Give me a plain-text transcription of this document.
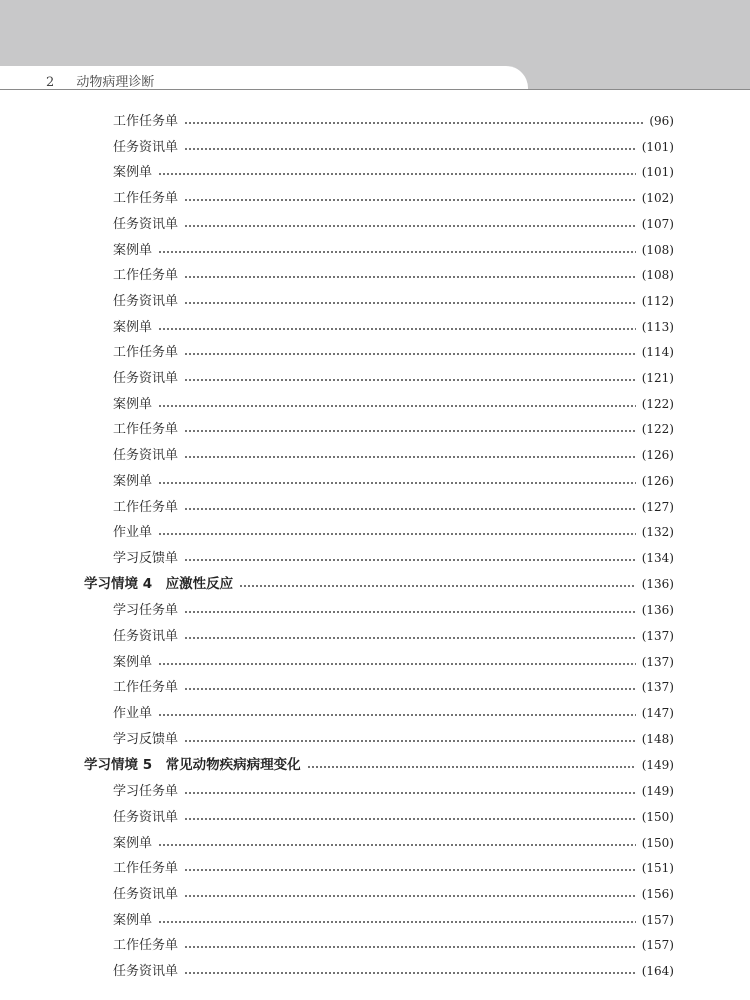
2 动物病理诊断
工作任务单	(96)
任务资讯单	(101)
案例单	(101)
工作任务单	(102)
任务资讯单	(107)
案例单	(108)
工作任务单	(108)
任务资讯单	(112)
案例单	(113)
工作任务单	(114)
任务资讯单	(121)
案例单	(122)
工作任务单	(122)
任务资讯单	(126)
案例单	(126)
工作任务单	(127)
作业单	(132)
学习反馈单	(134)
学习情境 4　应激性反应	(136)
学习任务单	(136)
任务资讯单	(137)
案例单	(137)
工作任务单	(137)
作业单	(147)
学习反馈单	(148)
学习情境 5　常见动物疾病病理变化	(149)
学习任务单	(149)
任务资讯单	(150)
案例单	(150)
工作任务单	(151)
任务资讯单	(156)
案例单	(157)
工作任务单	(157)
任务资讯单	(164)
